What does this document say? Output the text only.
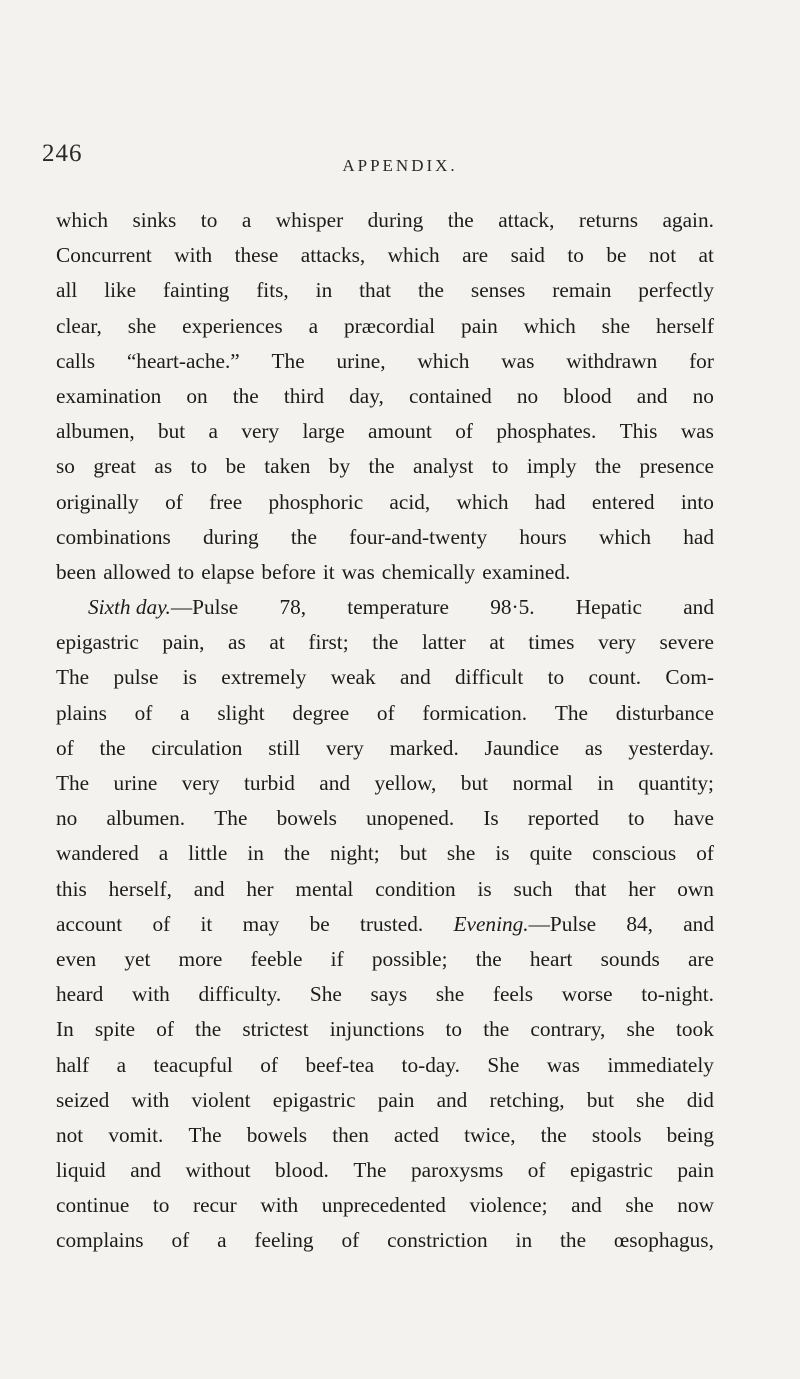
246	APPENDIX.
which sinks to a whisper during the attack, returns again.
Concurrent with these attacks, which are said to be not at
all like fainting fits, in that the senses remain perfectly
clear, she experiences a præcordial pain which she herself
calls “heart-ache.” The urine, which was withdrawn for
examination on the third day, contained no blood and no
albumen, but a very large amount of phosphates. This was
so great as to be taken by the analyst to imply the presence
originally of free phosphoric acid, which had entered into
combinations during the four-and-twenty hours which had
been allowed to elapse before it was chemically examined.
Sixth day.—Pulse 78, temperature 98·5. Hepatic and
epigastric pain, as at first; the latter at times very severe
The pulse is extremely weak and difficult to count. Com-
plains of a slight degree of formication. The disturbance
of the circulation still very marked. Jaundice as yesterday.
The urine very turbid and yellow, but normal in quantity;
no albumen. The bowels unopened. Is reported to have
wandered a little in the night; but she is quite conscious of
this herself, and her mental condition is such that her own
account of it may be trusted. Evening.—Pulse 84, and
even yet more feeble if possible; the heart sounds are
heard with difficulty. She says she feels worse to-night.
In spite of the strictest injunctions to the contrary, she took
half a teacupful of beef-tea to-day. She was immediately
seized with violent epigastric pain and retching, but she did
not vomit. The bowels then acted twice, the stools being
liquid and without blood. The paroxysms of epigastric pain
continue to recur with unprecedented violence; and she now
complains of a feeling of constriction in the œsophagus,
